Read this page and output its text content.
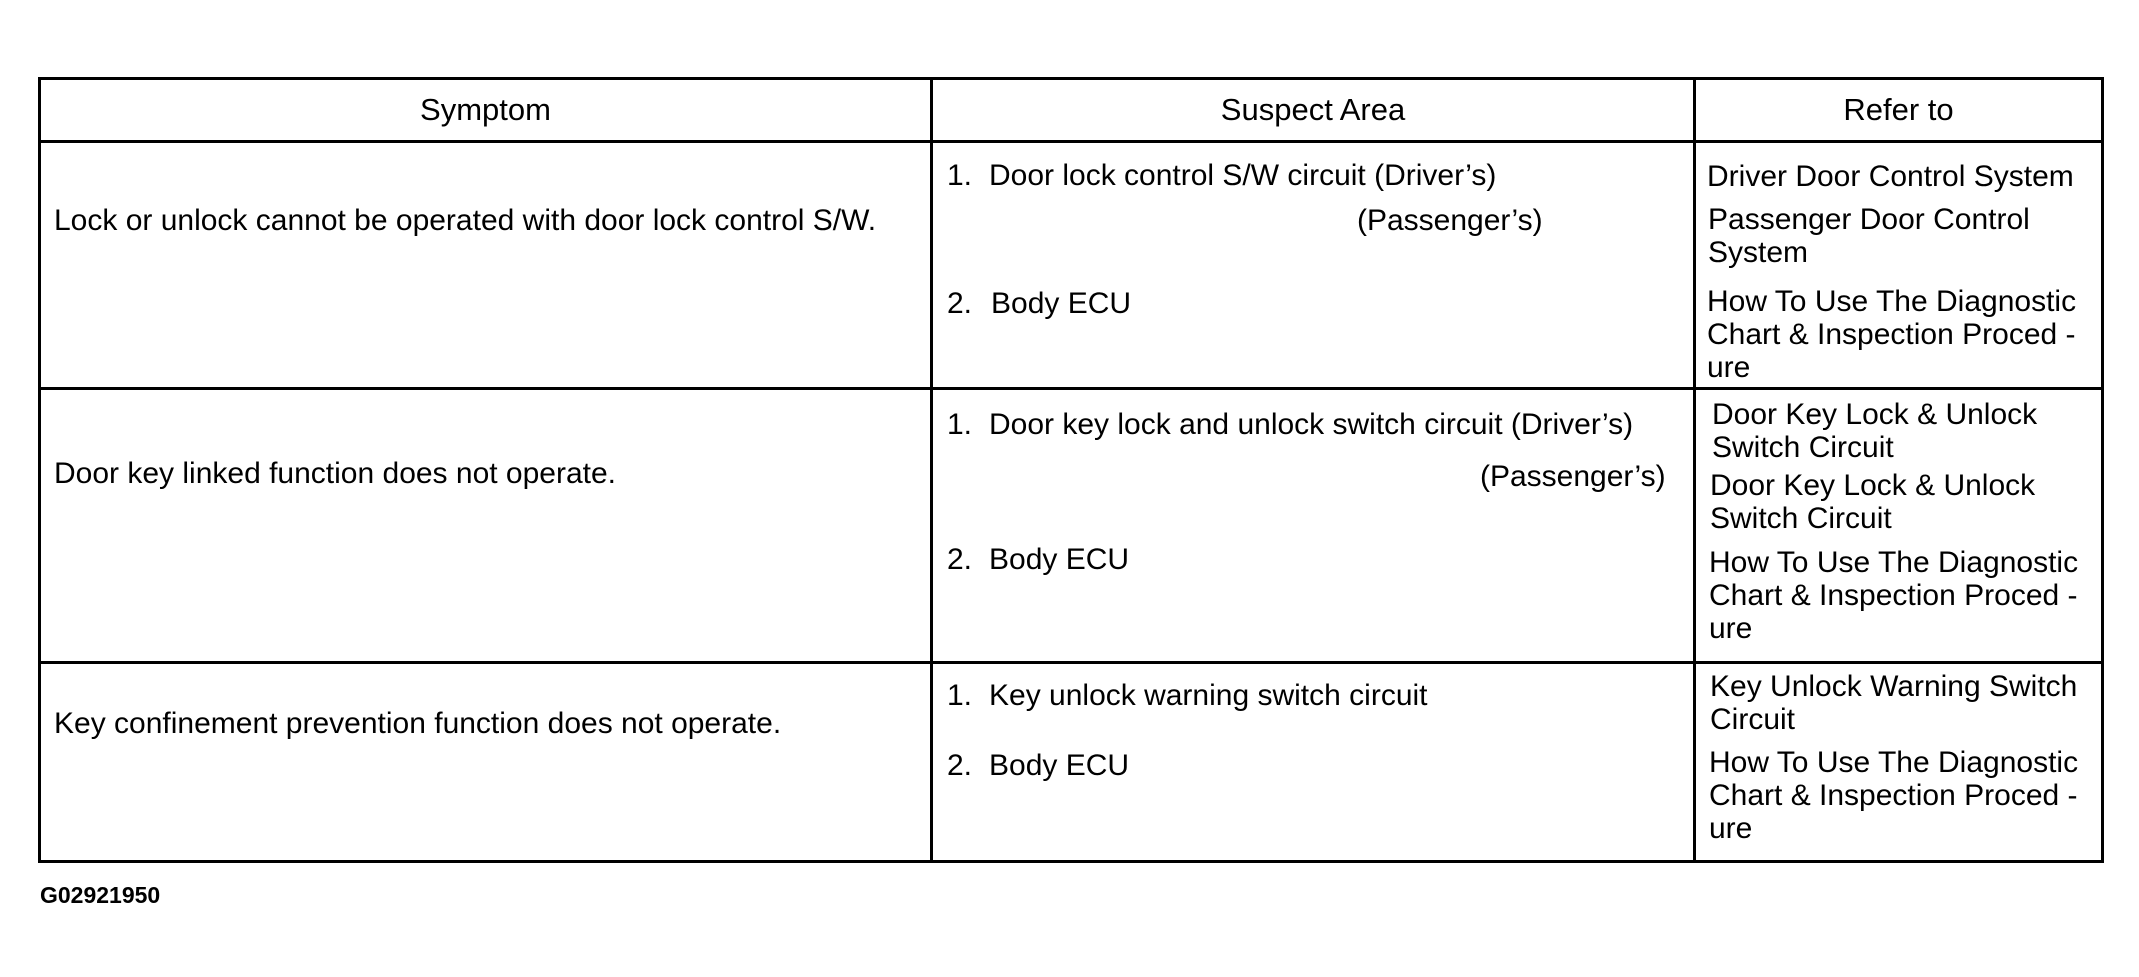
Symptom	Suspect Area	Refer to
Lock or unlock cannot be operated with door lock control S/W.
1. Door lock control S/W circuit (Driver’s)
(Passenger’s)
2. Body ECU
Driver Door Control System
Passenger Door Control
System
How To Use The Diagnostic
Chart & Inspection Proced -
ure
Door key linked function does not operate.
1. Door key lock and unlock switch circuit (Driver’s)
(Passenger’s)
2. Body ECU
Door Key Lock & Unlock
Switch Circuit
Door Key Lock & Unlock
Switch Circuit
How To Use The Diagnostic
Chart & Inspection Proced -
ure
Key confinement prevention function does not operate.
1. Key unlock warning switch circuit
2. Body ECU
Key Unlock Warning Switch
Circuit
How To Use The Diagnostic
Chart & Inspection Proced -
ure
G02921950
